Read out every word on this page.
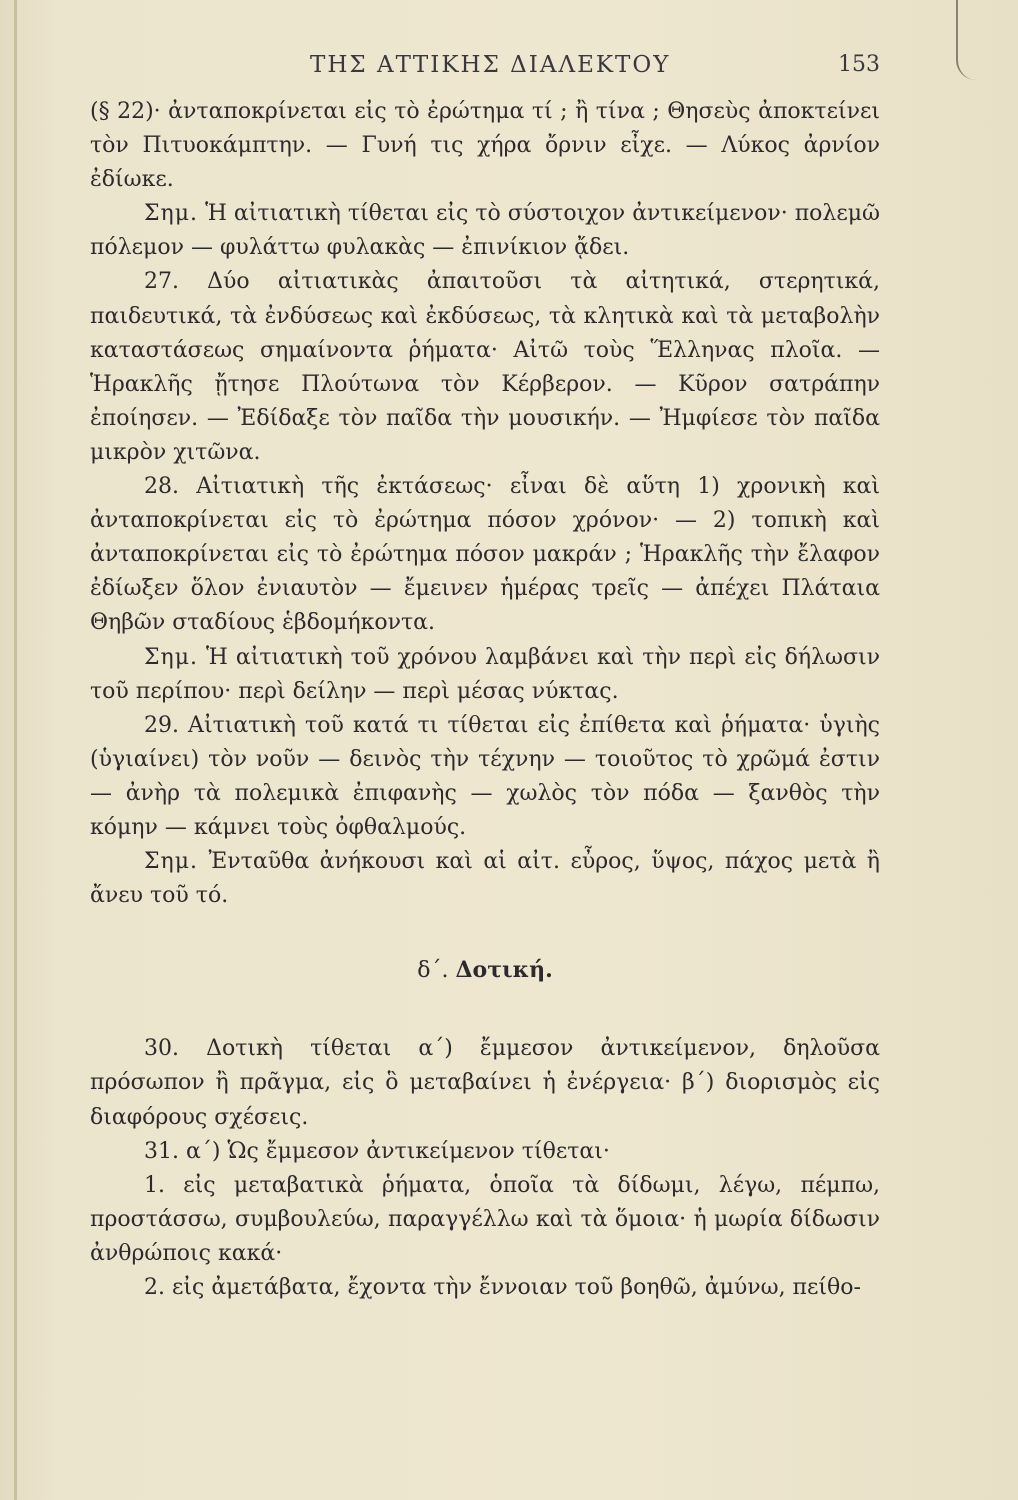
ΤΗΣ ΑΤΤΙΚΗΣ ΔΙΑΛΕΚΤΟΥ	153

(§ 22)· ἀνταποκρίνεται εἰς τὸ ἐρώτημα τί ; ἢ τίνα ; Θησεὺς ἀποκτείνει τὸν Πιτυοκάμπτην. — Γυνή τις χήρα ὄρνιν εἶχε. — Λύκος ἀρνίον ἐδίωκε.

Σημ. Ἡ αἰτιατικὴ τίθεται εἰς τὸ σύστοιχον ἀντικείμενον· πολεμῶ πόλεμον — φυλάττω φυλακὰς — ἐπινίκιον ᾄδει.

27. Δύο αἰτιατικὰς ἀπαιτοῦσι τὰ αἰτητικά, στερητικά, παιδευτικά, τὰ ἐνδύσεως καὶ ἐκδύσεως, τὰ κλητικὰ καὶ τὰ μεταβολὴν καταστάσεως σημαίνοντα ῥήματα· Αἰτῶ τοὺς Ἕλληνας πλοῖα. — Ἡρακλῆς ᾔτησε Πλούτωνα τὸν Κέρβερον. — Κῦρον σατράπην ἐποίησεν. — Ἐδίδαξε τὸν παῖδα τὴν μουσικήν. — Ἠμφίεσε τὸν παῖδα μικρὸν χιτῶνα.

28. Αἰτιατικὴ τῆς ἐκτάσεως· εἶναι δὲ αὕτη 1) χρονικὴ καὶ ἀνταποκρίνεται εἰς τὸ ἐρώτημα πόσον χρόνον· — 2) τοπικὴ καὶ ἀνταποκρίνεται εἰς τὸ ἐρώτημα πόσον μακράν ; Ἡρακλῆς τὴν ἔλαφον ἐδίωξεν ὅλον ἐνιαυτὸν — ἔμεινεν ἡμέρας τρεῖς — ἀπέχει Πλάταια Θηβῶν σταδίους ἑβδομήκοντα.

Σημ. Ἡ αἰτιατικὴ τοῦ χρόνου λαμβάνει καὶ τὴν περὶ εἰς δήλωσιν τοῦ περίπου· περὶ δείλην — περὶ μέσας νύκτας.

29. Αἰτιατικὴ τοῦ κατά τι τίθεται εἰς ἐπίθετα καὶ ῥήματα· ὑγιὴς (ὑγιαίνει) τὸν νοῦν — δεινὸς τὴν τέχνην — τοιοῦτος τὸ χρῶμά ἐστιν — ἀνὴρ τὰ πολεμικὰ ἐπιφανὴς — χωλὸς τὸν πόδα — ξανθὸς τὴν κόμην — κάμνει τοὺς ὀφθαλμούς.

Σημ. Ἐνταῦθα ἀνήκουσι καὶ αἱ αἰτ. εὖρος, ὕψος, πάχος μετὰ ἢ ἄνευ τοῦ τό.

δ΄. Δοτική.

30. Δοτικὴ τίθεται α΄) ἔμμεσον ἀντικείμενον, δηλοῦσα πρόσωπον ἢ πρᾶγμα, εἰς ὃ μεταβαίνει ἡ ἐνέργεια· β΄) διορισμὸς εἰς διαφόρους σχέσεις.

31. α΄) Ὡς ἔμμεσον ἀντικείμενον τίθεται·

1. εἰς μεταβατικὰ ῥήματα, ὁποῖα τὰ δίδωμι, λέγω, πέμπω, προστάσσω, συμβουλεύω, παραγγέλλω καὶ τὰ ὅμοια· ἡ μωρία δίδωσιν ἀνθρώποις κακά·

2. εἰς ἀμετάβατα, ἔχοντα τὴν ἔννοιαν τοῦ βοηθῶ, ἀμύνω, πείθο-
